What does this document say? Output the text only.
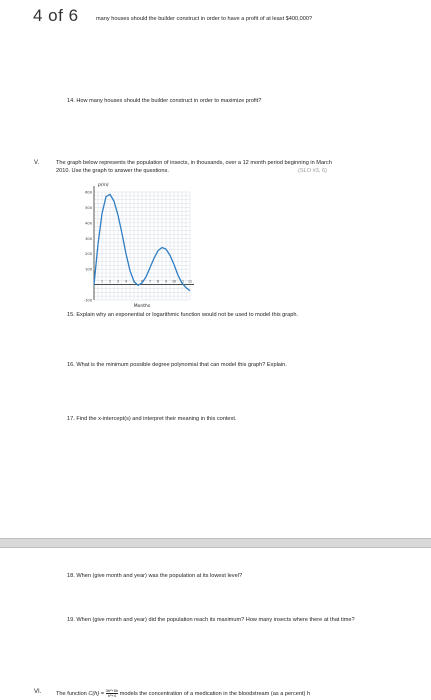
4 of 6	many houses should the builder construct in order to have a profit of at least $400,000?
14. How many houses should the builder construct in order to maximize profit?
V.	The graph below represents the population of insects, in thousands, over a 12 month period beginning in March
2010. Use the graph to answer the questions.	(SLO #3, 6)
-100
100
200
300
400
500
600
1 2 3 4 5 6 7 8 9 10 11 12
p(m)
Months
15. Explain why an exponential or logarithmic function would not be used to model this graph.
16. What is the minimum possible degree polynomial that can model this graph? Explain.
17. Find the x-intercept(s) and interpret their meaning in this context.
18. When (give month and year) was the population at its lowest level?
19. When (give month and year) did the population reach its maximum? How many insects where there at that time?
VI.	The function $C(h) = \frac{\text{3h²+5h}}{\text{h²+4}}$ models the concentration of a medication in the bloodstream (as a percent) h
